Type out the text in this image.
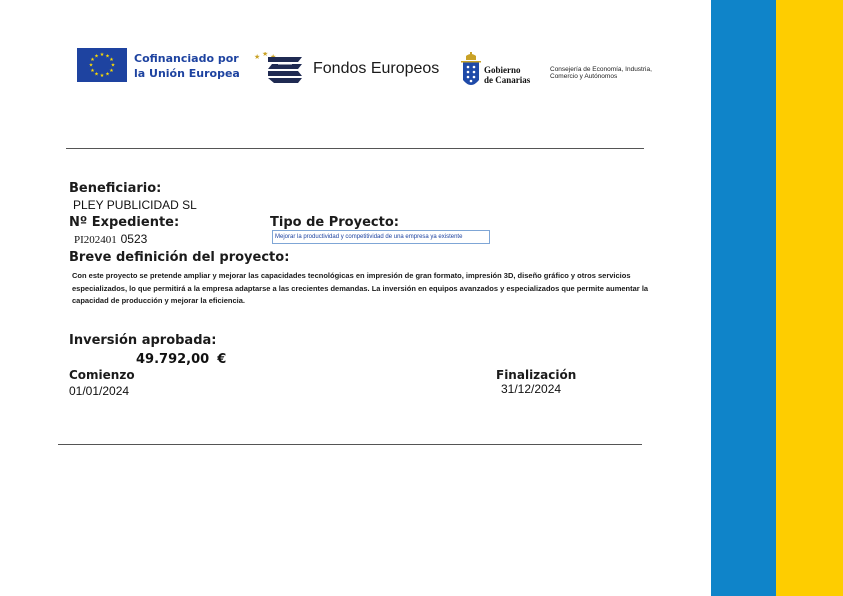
★ ★
★
★
★
★
★
★
★
★
★
★	Cofinanciado por
la Unión Europea
★ ★
Fondos Europeos	Gobierno
de Canarias
Consejería de Economía, Industria,
Comercio y Autónomos
Beneficiario:
PLEY PUBLICIDAD SL
Nº Expediente:
PI202401 0523
Tipo de Proyecto:
Mejorar la productividad y competitividad de una empresa ya existente
Breve definición del proyecto:
Con este proyecto se pretende ampliar y mejorar las capacidades tecnológicas en impresión de gran formato, impresión 3D, diseño gráfico y otros servicios especializados, lo que permitirá a la empresa adaptarse a las crecientes demandas. La inversión en equipos avanzados y especializados que permite aumentar la capacidad de producción y mejorar la eficiencia.
Inversión aprobada:
49.792,00 €
Comienzo
01/01/2024
Finalización
31/12/2024
